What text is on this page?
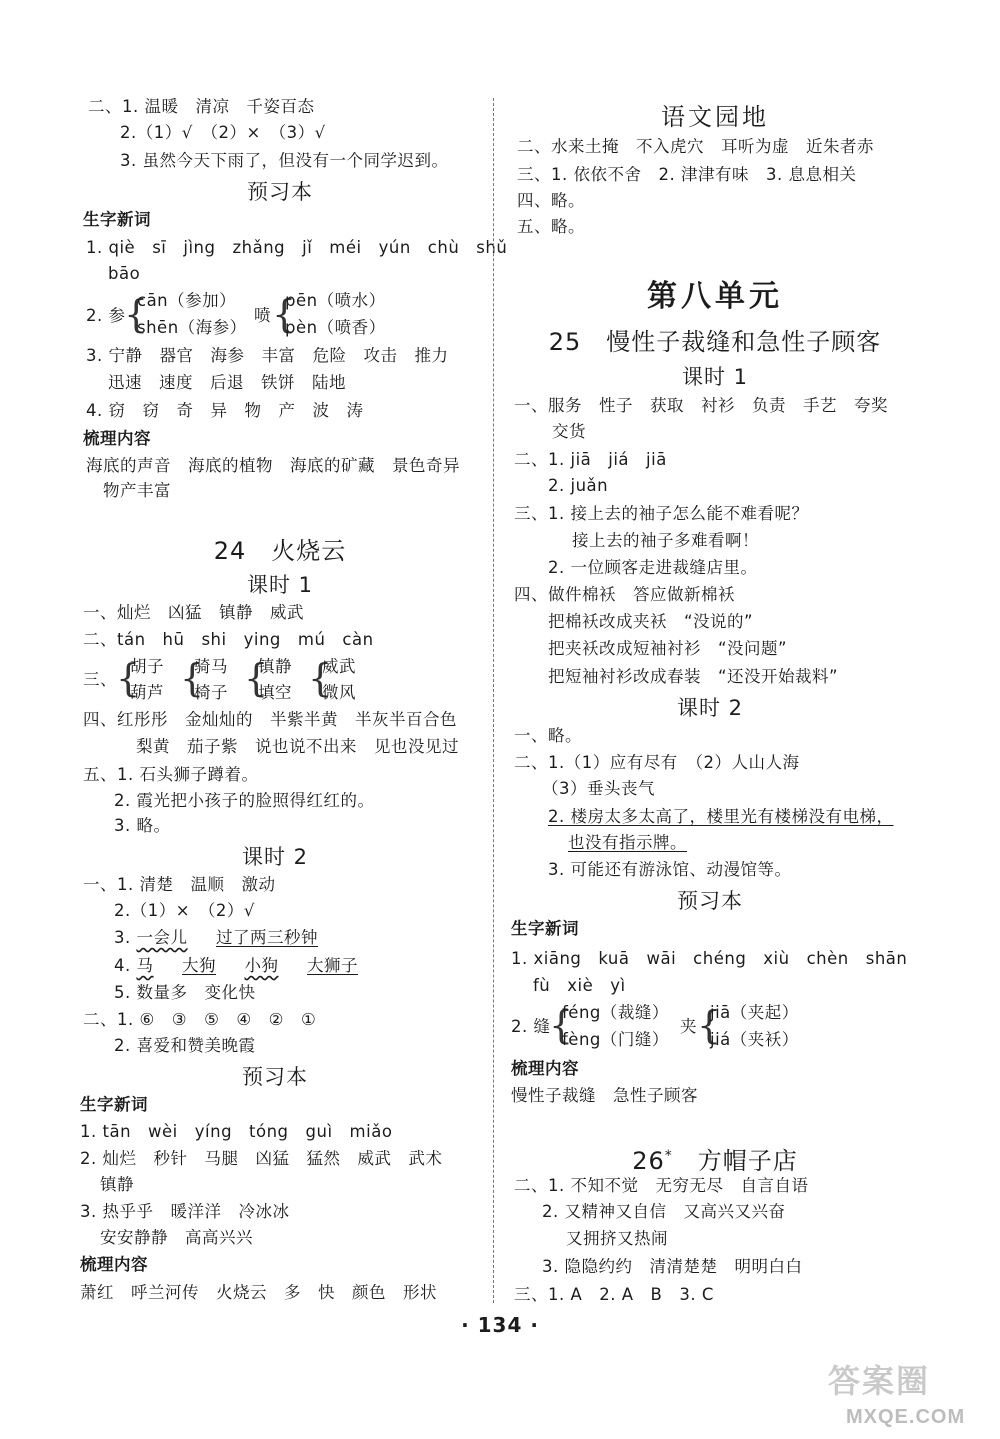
二、1. 温暖　清凉　千姿百态
2.（1）√　（2）×　（3）√
3. 虽然今天下雨了，但没有一个同学迟到。
预习本
生字新词
1. qiè　sī　jìng　zhǎng　jǐ　méi　yún　chù　shǔ
bāo
2. 参
{
cān（参加）
shēn（海参）
喷 {
pēn（喷水）
pèn（喷香）
3. 宁静　器官　海参　丰富　危险　攻击　推力
迅速　速度　后退　铁饼　陆地
4. 窃　窃　奇　异　物　产　波　涛
梳理内容
海底的声音　海底的植物　海底的矿藏　景色奇异
物产丰富
24　火烧云
课时 1
一、灿烂　凶猛　镇静　威武
二、tán　hū　shi　ying　mú　càn
三、 {
胡子
葫芦 {
骑马
椅子 {
镇静
填空 {
威武
微风
四、红彤彤　金灿灿的　半紫半黄　半灰半百合色
梨黄　茄子紫　说也说不出来　见也没见过
五、1. 石头狮子蹲着。
2. 霞光把小孩子的脸照得红红的。
3. 略。
课时 2
一、1. 清楚　温顺　激动
2.（1）×　（2）√
3. 一会儿 　 过了两三秒钟
4. 马 　 大狗 　 小狗 　 大狮子
5. 数量多　变化快
二、1. ⑥　③　⑤　④　②　①
2. 喜爱和赞美晚霞
预习本
生字新词
1. tān　wèi　yíng　tóng　guì　miǎo
2. 灿烂　秒针　马腿　凶猛　猛然　威武　武术
镇静
3. 热乎乎　暖洋洋　冷冰冰
安安静静　高高兴兴
梳理内容
萧红　呼兰河传　火烧云　多　快　颜色　形状
语文园地
二、水来土掩　不入虎穴　耳听为虚　近朱者赤
三、1. 依依不舍　2. 津津有味　3. 息息相关
四、略。
五、略。
第八单元
25　慢性子裁缝和急性子顾客
课时 1
一、服务　性子　获取　衬衫　负责　手艺　夸奖
交货
二、1. jiā　jiá　jiā
2. juǎn
三、1. 接上去的袖子怎么能不难看呢？
接上去的袖子多难看啊！
2. 一位顾客走进裁缝店里。
四、做件棉袄　答应做新棉袄
把棉袄改成夹袄　“没说的”
把夹袄改成短袖衬衫　“没问题”
把短袖衬衫改成春装　“还没开始裁料”
课时 2
一、略。
二、1.（1）应有尽有　（2）人山人海
（3）垂头丧气
2. 楼房太多太高了，楼里光有楼梯没有电梯，
也没有指示牌。
3. 可能还有游泳馆、动漫馆等。
预习本
生字新词
1. xiāng　kuā　wāi　chéng　xiù　chèn　shān
fù　xiè　yì
2. 缝
{
féng（裁缝）
fèng（门缝）
夹 {
jiā（夹起）
jiá（夹袄）
梳理内容
慢性子裁缝　急性子顾客
26*　 方帽子店
二、1. 不知不觉　无穷无尽　自言自语
2. 又精神又自信　又高兴又兴奋
又拥挤又热闹
3. 隐隐约约　清清楚楚　明明白白
三、1. A　2. A　B　3. C
· 134 ·
答案圈
MXQE.COM
